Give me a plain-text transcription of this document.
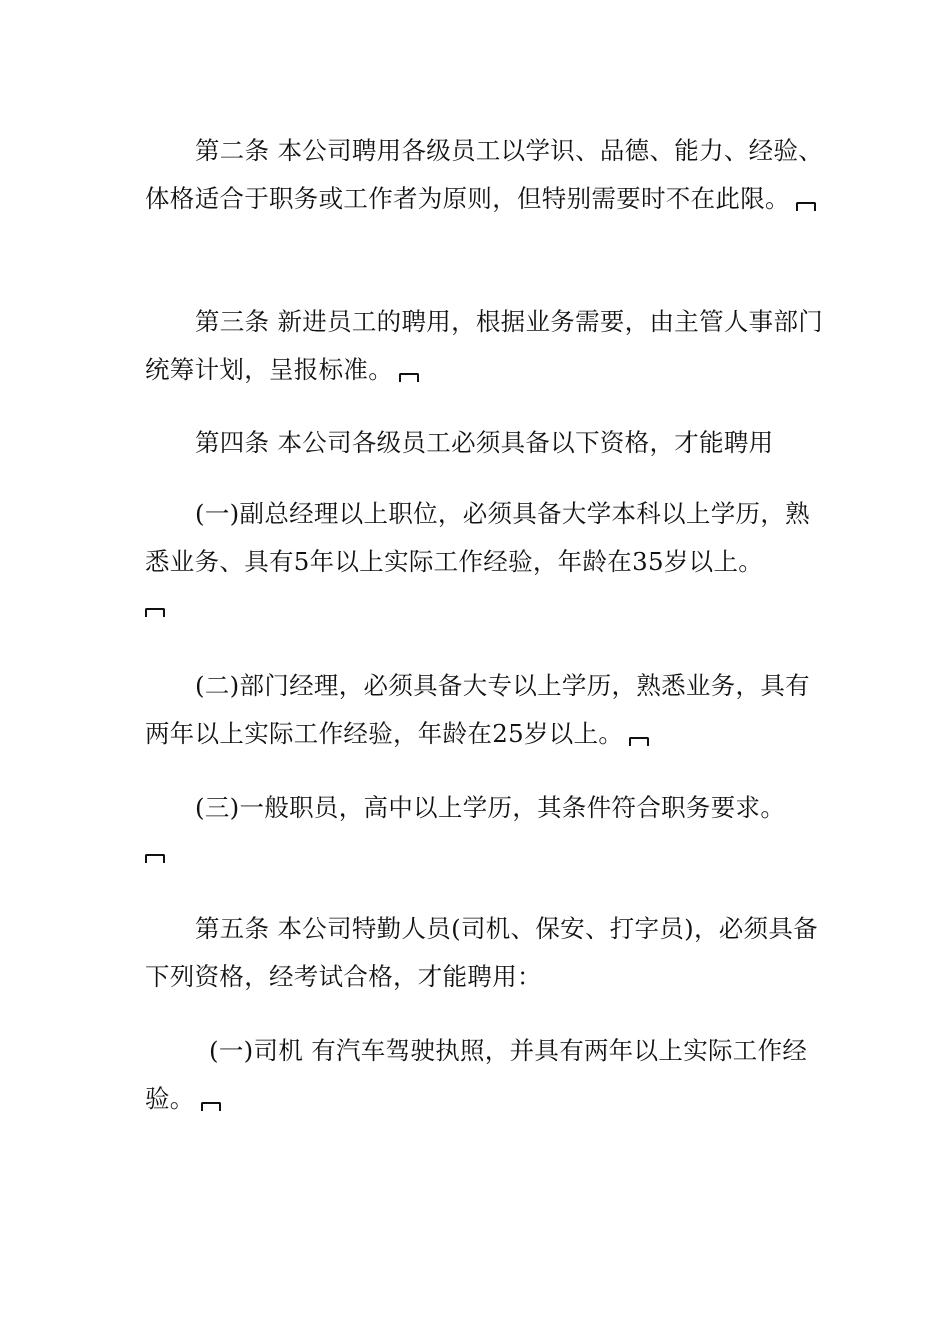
第二条 本公司聘用各级员工以学识、品德、能力、经验、体格适合于职务或工作者为原则，但特别需要时不在此限。

第三条 新进员工的聘用，根据业务需要，由主管人事部门统筹计划，呈报标准。

第四条 本公司各级员工必须具备以下资格，才能聘用

(一)副总经理以上职位，必须具备大学本科以上学历，熟悉业务、具有5年以上实际工作经验，年龄在35岁以上。

(二)部门经理，必须具备大专以上学历，熟悉业务，具有两年以上实际工作经验，年龄在25岁以上。

(三)一般职员，高中以上学历，其条件符合职务要求。

第五条 本公司特勤人员(司机、保安、打字员)，必须具备下列资格，经考试合格，才能聘用：

(一)司机 有汽车驾驶执照，并具有两年以上实际工作经验。
